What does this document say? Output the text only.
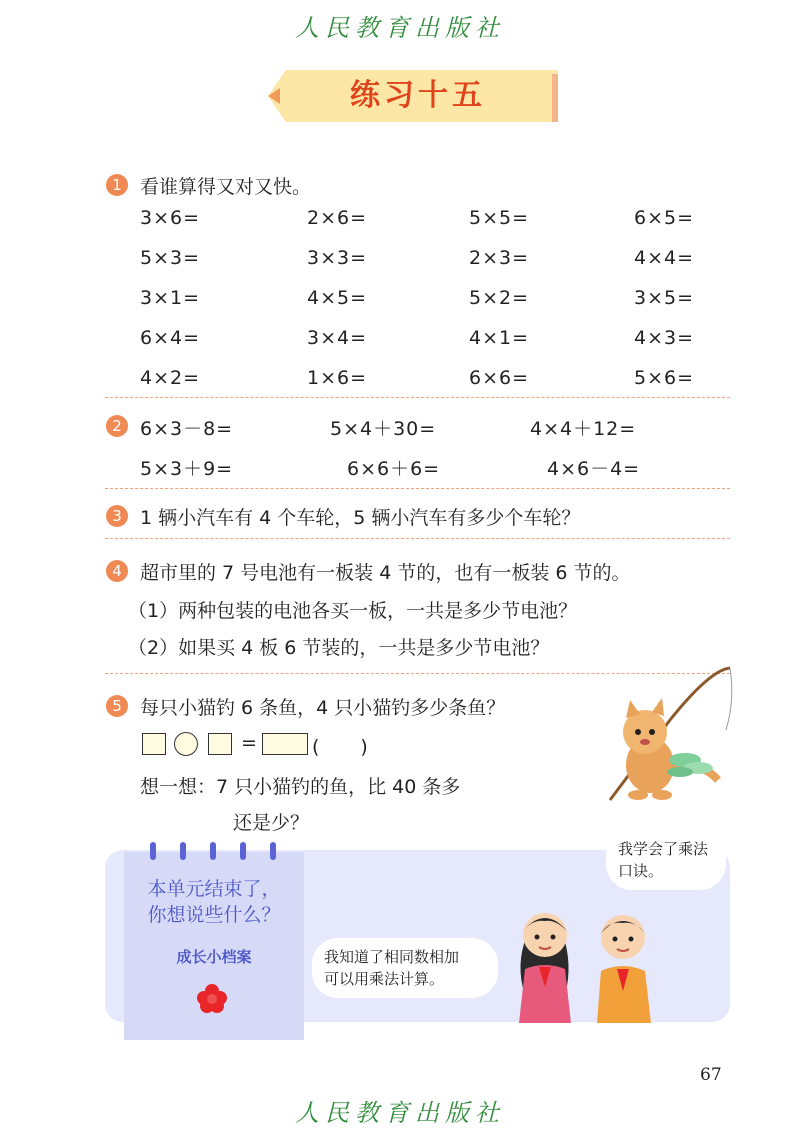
人民教育出版社
练习十五
1 看谁算得又对又快。
3×6=	2×6=	5×5=	6×5=
5×3=	3×3=	2×3=	4×4=
3×1=	4×5=	5×2=	3×5=
6×4=	3×4=	4×1=	4×3=
4×2=	1×6=	6×6=	5×6=
2 6×3－8=	5×4＋30=	4×4＋12=
5×3＋9=	6×6＋6=	4×6－4=
3 1 辆小汽车有 4 个车轮，5 辆小汽车有多少个车轮？
4 超市里的 7 号电池有一板装 4 节的，也有一板装 6 节的。
（1）两种包装的电池各买一板，一共是多少节电池？
（2）如果买 4 板 6 节装的，一共是多少节电池？
5 每只小猫钓 6 条鱼，4 只小猫钓多少条鱼？
=	(　　)
想一想：7 只小猫钓的鱼，比 40 条多
还是少？
本单元结束了，
你想说些什么？
成长小档案
我学会了乘法
口诀。
我知道了相同数相加
可以用乘法计算。
67
人民教育出版社
